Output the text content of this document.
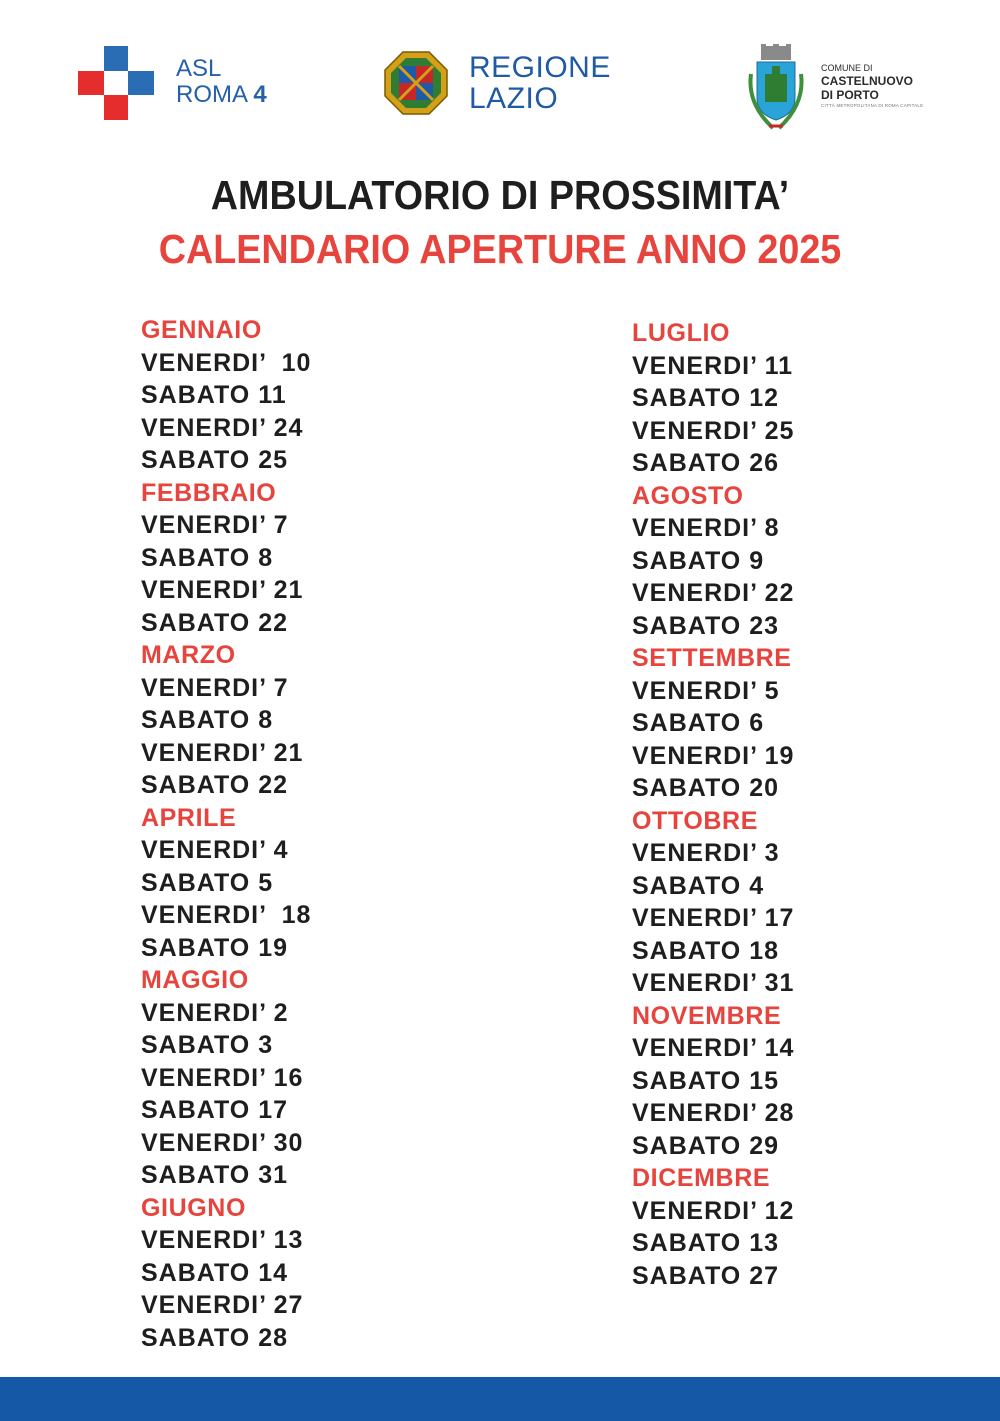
ASL
ROMA 4
REGIONE
LAZIO
COMUNE DI
CASTELNUOVO
DI PORTO
CITTÀ METROPOLITANA DI ROMA CAPITALE
AMBULATORIO DI PROSSIMITA’
CALENDARIO APERTURE ANNO 2025
GENNAIO
VENERDI’  10
SABATO 11
VENERDI’ 24
SABATO 25
FEBBRAIO
VENERDI’ 7
SABATO 8
VENERDI’ 21
SABATO 22
MARZO
VENERDI’ 7
SABATO 8
VENERDI’ 21
SABATO 22
APRILE
VENERDI’ 4
SABATO 5
VENERDI’  18
SABATO 19
MAGGIO
VENERDI’ 2
SABATO 3
VENERDI’ 16
SABATO 17
VENERDI’ 30
SABATO 31
GIUGNO
VENERDI’ 13
SABATO 14
VENERDI’ 27
SABATO 28
LUGLIO
VENERDI’ 11
SABATO 12
VENERDI’ 25
SABATO 26
AGOSTO
VENERDI’ 8
SABATO 9
VENERDI’ 22
SABATO 23
SETTEMBRE
VENERDI’ 5
SABATO 6
VENERDI’ 19
SABATO 20
OTTOBRE
VENERDI’ 3
SABATO 4
VENERDI’ 17
SABATO 18
VENERDI’ 31
NOVEMBRE
VENERDI’ 14
SABATO 15
VENERDI’ 28
SABATO 29
DICEMBRE
VENERDI’ 12
SABATO 13
SABATO 27
